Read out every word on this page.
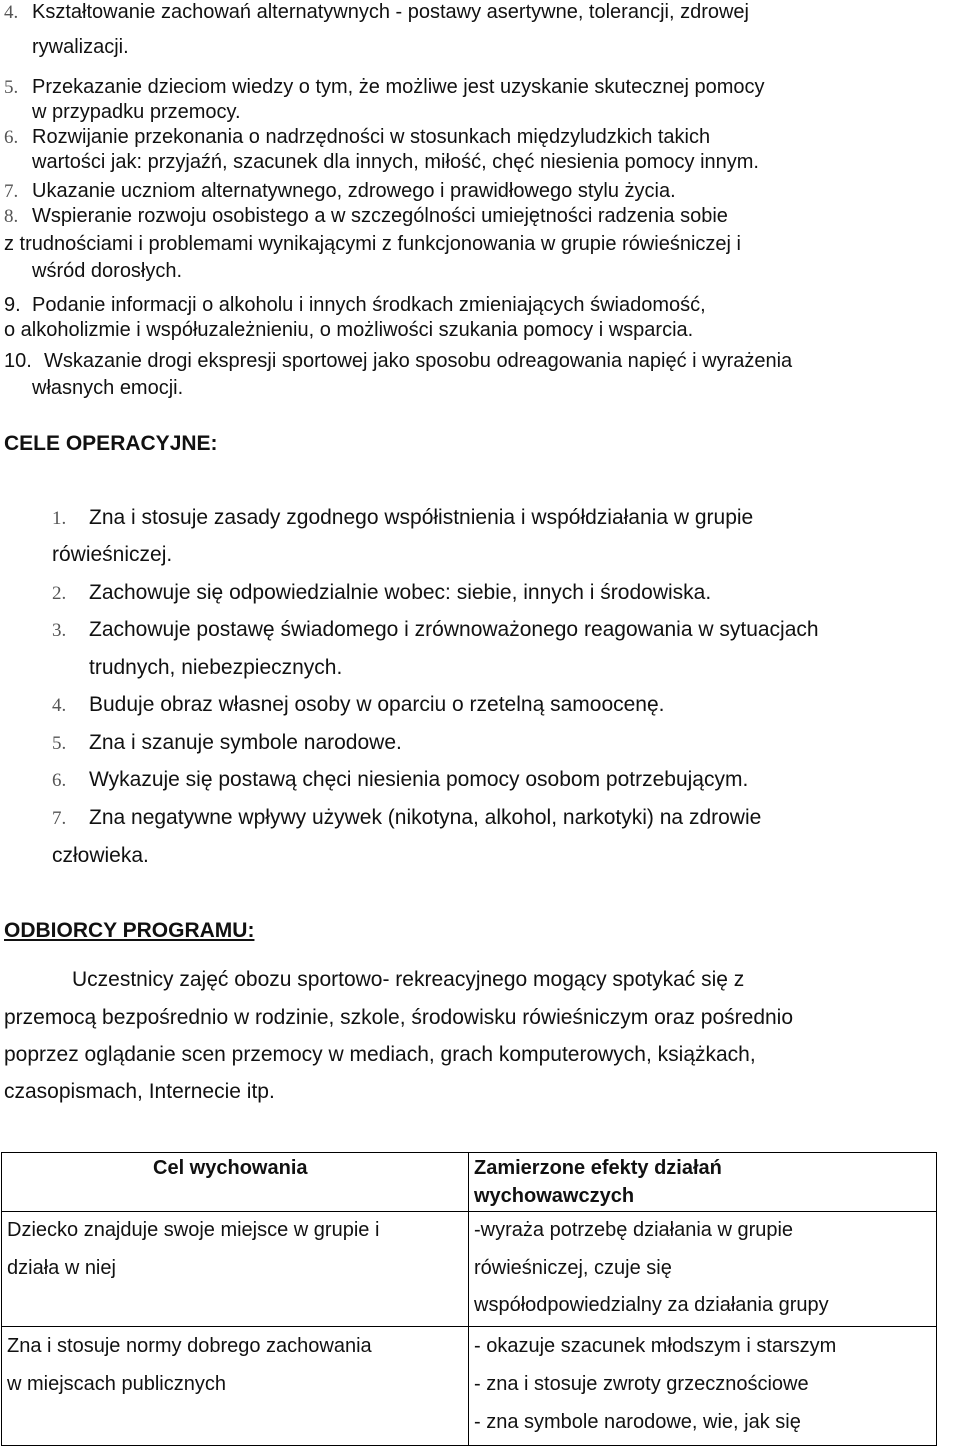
4. Kształtowanie zachowań alternatywnych - postawy asertywne, tolerancji, zdrowej
rywalizacji.
5. Przekazanie dzieciom wiedzy o tym, że możliwe jest uzyskanie skutecznej pomocy
w przypadku przemocy.
6. Rozwijanie przekonania o nadrzędności w stosunkach międzyludzkich takich
wartości jak: przyjaźń, szacunek dla innych, miłość, chęć niesienia pomocy innym.
7. Ukazanie uczniom alternatywnego, zdrowego i prawidłowego stylu życia.
8. Wspieranie rozwoju osobistego a w szczególności umiejętności radzenia sobie
z trudnościami i problemami wynikającymi z funkcjonowania w grupie rówieśniczej i
wśród dorosłych.
9. Podanie informacji o alkoholu i innych środkach zmieniających świadomość,
o alkoholizmie i współuzależnieniu, o możliwości szukania pomocy i wsparcia.
10. Wskazanie drogi ekspresji sportowej jako sposobu odreagowania napięć i wyrażenia
własnych emocji.
CELE OPERACYJNE:
1. Zna i stosuje zasady zgodnego współistnienia i współdziałania w grupie
rówieśniczej.
2. Zachowuje się odpowiedzialnie wobec: siebie, innych i środowiska.
3. Zachowuje postawę świadomego i zrównoważonego reagowania w sytuacjach
trudnych, niebezpiecznych.
4. Buduje obraz własnej osoby w oparciu o rzetelną samoocenę.
5. Zna i szanuje symbole narodowe.
6. Wykazuje się postawą chęci niesienia pomocy osobom potrzebującym.
7. Zna negatywne wpływy używek (nikotyna, alkohol, narkotyki) na zdrowie
człowieka.
ODBIORCY PROGRAMU:

Uczestnicy zajęć obozu sportowo- rekreacyjnego mogący spotykać się z

przemocą bezpośrednio w rodzinie, szkole, środowisku rówieśniczym oraz pośrednio

poprzez oglądanie scen przemocy w mediach, grach komputerowych, książkach,

czasopismach, Internecie itp.

Cel wychowania	Zamierzone efekty działań
wychowawczych

Dziecko znajduje swoje miejsce w grupie i
działa w niej	-wyraża potrzebę działania w grupie
rówieśniczej, czuje się
współodpowiedzialny za działania grupy

Zna i stosuje normy dobrego zachowania
w miejscach publicznych	- okazuje szacunek młodszym i starszym
- zna i stosuje zwroty grzecznościowe
- zna symbole narodowe, wie, jak się
